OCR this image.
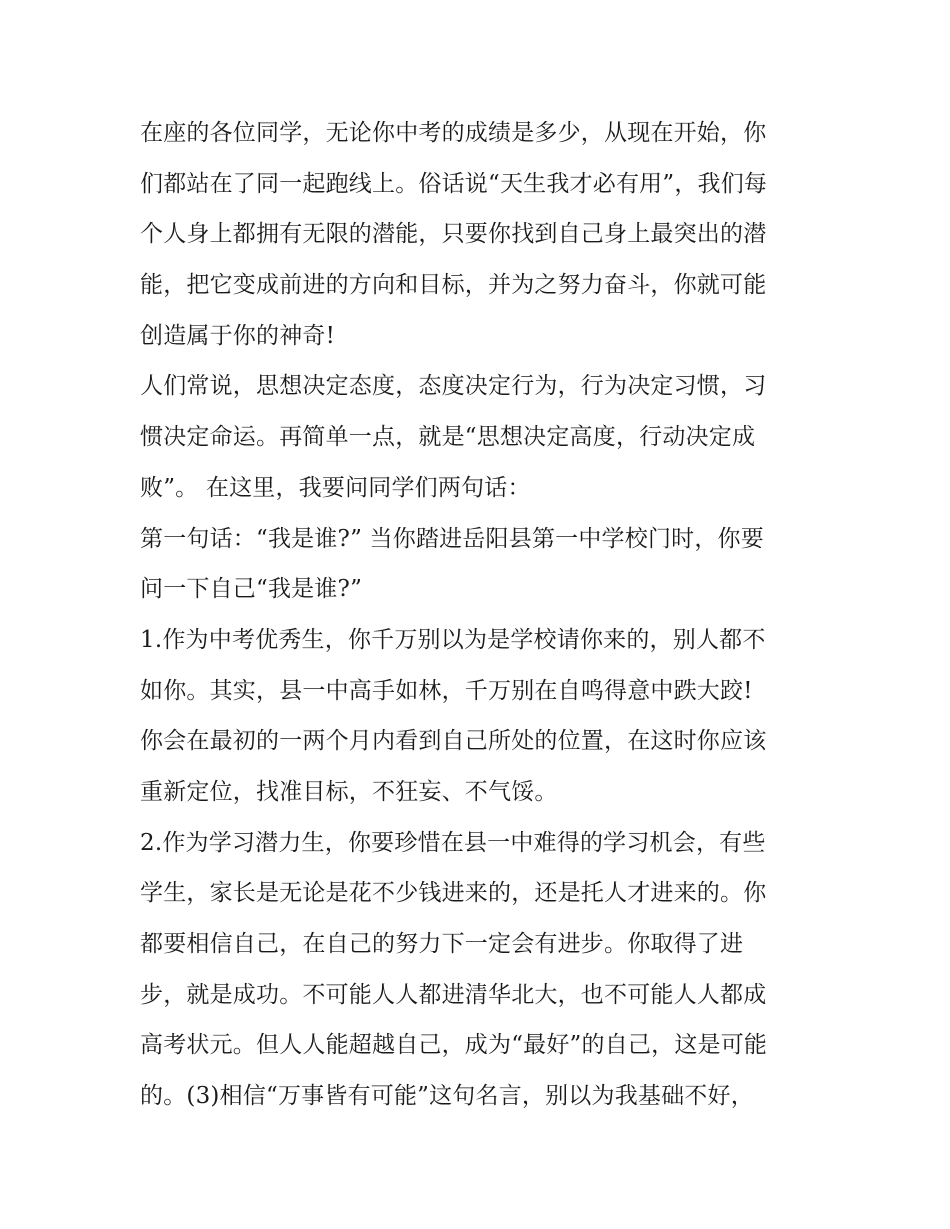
在座的各位同学，无论你中考的成绩是多少，从现在开始，你
们都站在了同一起跑线上。俗话说“天生我才必有用”，我们每
个人身上都拥有无限的潜能，只要你找到自己身上最突出的潜
能，把它变成前进的方向和目标，并为之努力奋斗，你就可能
创造属于你的神奇!
人们常说，思想决定态度，态度决定行为，行为决定习惯，习
惯决定命运。再简单一点，就是“思想决定高度，行动决定成
败”。 在这里，我要问同学们两句话：
第一句话：“我是谁?” 当你踏进岳阳县第一中学校门时，你要
问一下自己“我是谁?”
1.作为中考优秀生，你千万别以为是学校请你来的，别人都不
如你。其实，县一中高手如林，千万别在自鸣得意中跌大跤!
你会在最初的一两个月内看到自己所处的位置，在这时你应该
重新定位，找准目标，不狂妄、不气馁。
2.作为学习潜力生，你要珍惜在县一中难得的学习机会，有些
学生，家长是无论是花不少钱进来的，还是托人才进来的。你
都要相信自己，在自己的努力下一定会有进步。你取得了进
步，就是成功。不可能人人都进清华北大，也不可能人人都成
高考状元。但人人能超越自己，成为“最好”的自己，这是可能
的。(3)相信“万事皆有可能”这句名言，别以为我基础不好，
